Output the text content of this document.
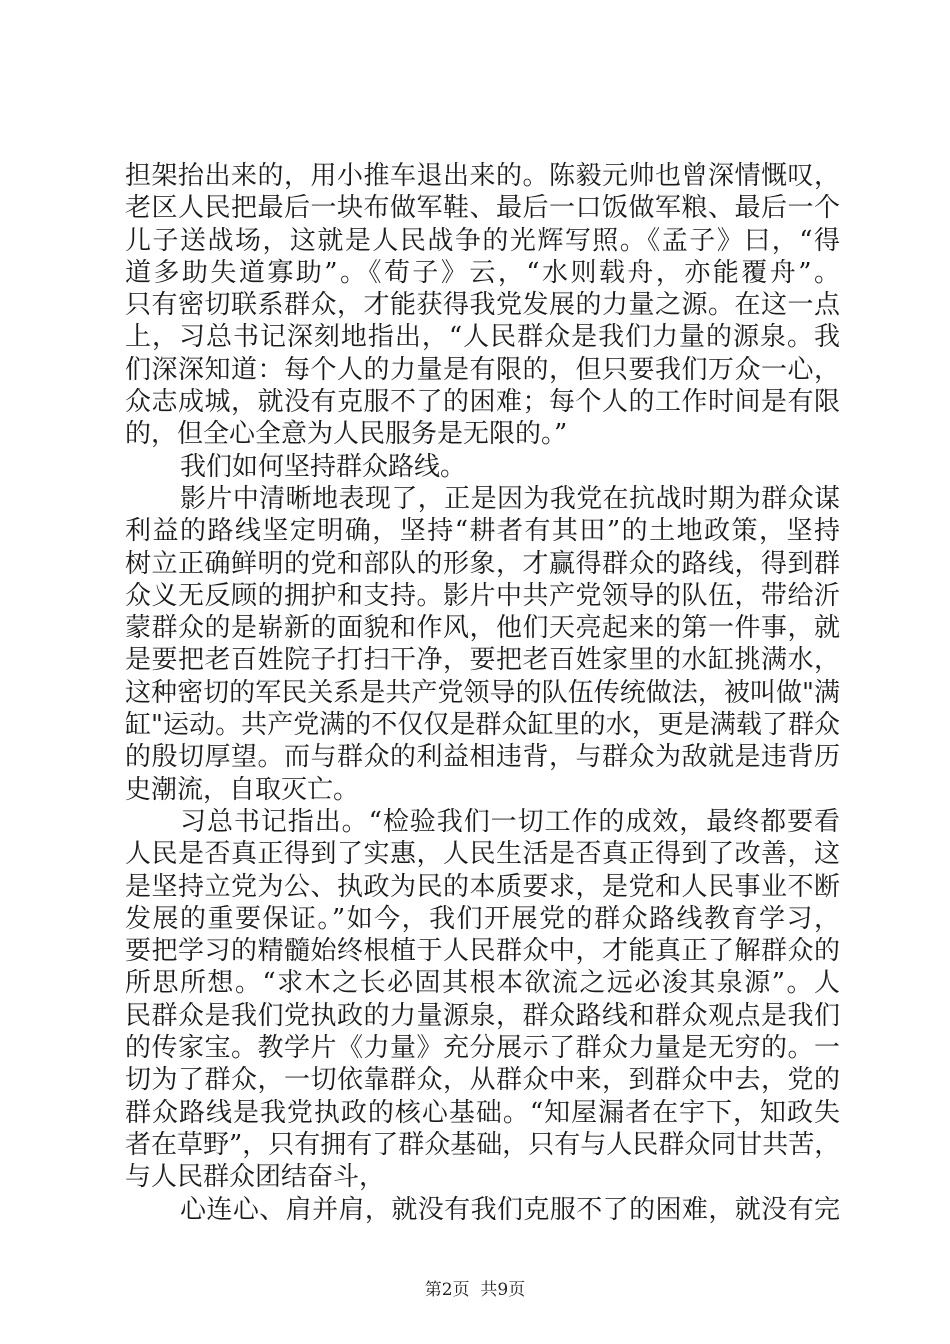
担架抬出来的，用小推车退出来的。陈毅元帅也曾深情慨叹，
老区人民把最后一块布做军鞋、最后一口饭做军粮、最后一个
儿子送战场，这就是人民战争的光辉写照。《孟子》曰，“得
道多助失道寡助”。《荀子》云，“水则载舟，亦能覆舟”。
只有密切联系群众，才能获得我党发展的力量之源。在这一点
上，习总书记深刻地指出，“人民群众是我们力量的源泉。我
们深深知道：每个人的力量是有限的，但只要我们万众一心，
众志成城，就没有克服不了的困难；每个人的工作时间是有限
的，但全心全意为人民服务是无限的。”
我们如何坚持群众路线。
影片中清晰地表现了，正是因为我党在抗战时期为群众谋
利益的路线坚定明确，坚持“耕者有其田”的土地政策，坚持
树立正确鲜明的党和部队的形象，才赢得群众的路线，得到群
众义无反顾的拥护和支持。影片中共产党领导的队伍，带给沂
蒙群众的是崭新的面貌和作风，他们天亮起来的第一件事，就
是要把老百姓院子打扫干净，要把老百姓家里的水缸挑满水，
这种密切的军民关系是共产党领导的队伍传统做法，被叫做"满
缸"运动。共产党满的不仅仅是群众缸里的水，更是满载了群众
的殷切厚望。而与群众的利益相违背，与群众为敌就是违背历
史潮流，自取灭亡。
习总书记指出。“检验我们一切工作的成效，最终都要看
人民是否真正得到了实惠，人民生活是否真正得到了改善，这
是坚持立党为公、执政为民的本质要求，是党和人民事业不断
发展的重要保证。”如今，我们开展党的群众路线教育学习，
要把学习的精髓始终根植于人民群众中，才能真正了解群众的
所思所想。“求木之长必固其根本欲流之远必浚其泉源”。人
民群众是我们党执政的力量源泉，群众路线和群众观点是我们
的传家宝。教学片《力量》充分展示了群众力量是无穷的。一
切为了群众，一切依靠群众，从群众中来，到群众中去，党的
群众路线是我党执政的核心基础。“知屋漏者在宇下，知政失
者在草野”，只有拥有了群众基础，只有与人民群众同甘共苦，
与人民群众团结奋斗，
心连心、肩并肩，就没有我们克服不了的困难，就没有完
第2页  共9页
